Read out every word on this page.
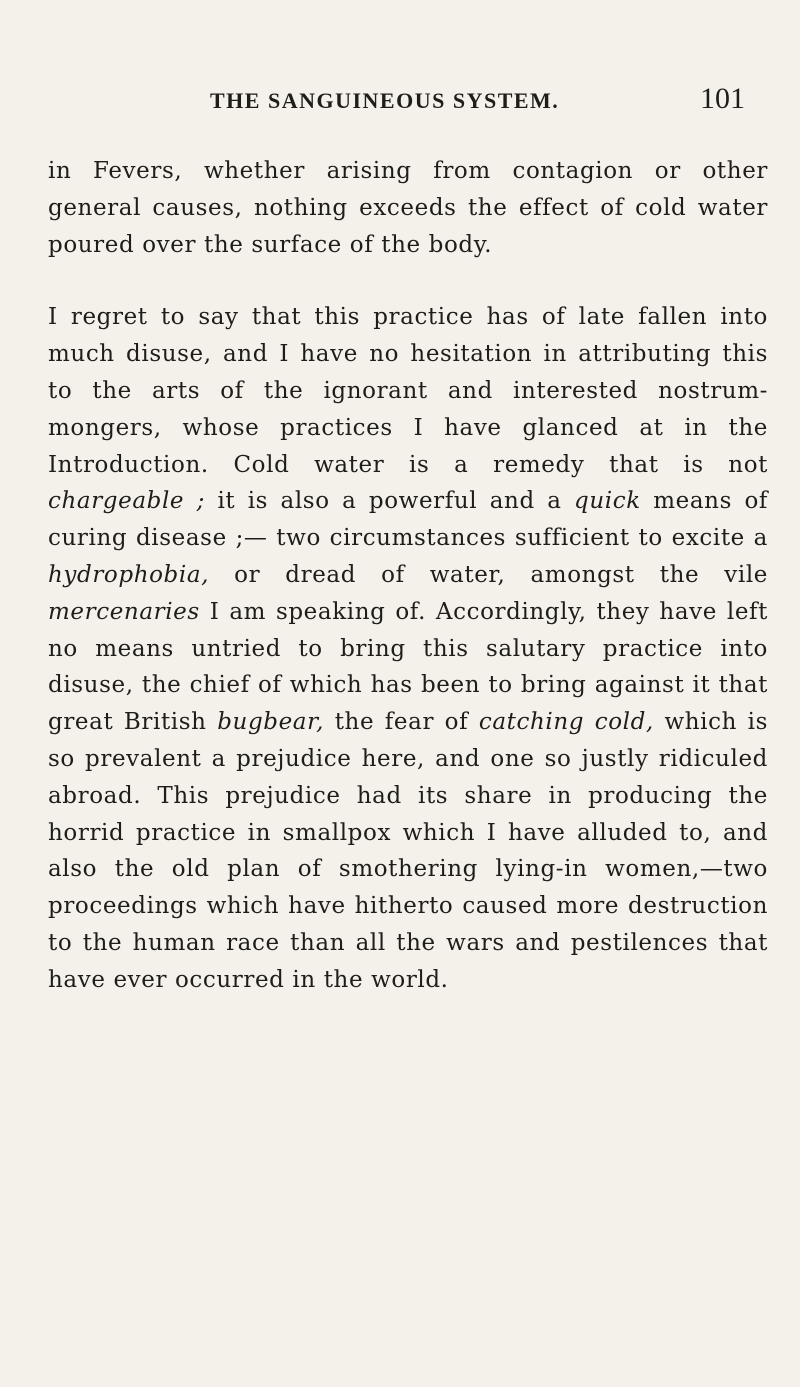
THE SANGUINEOUS SYSTEM.	101

in Fevers, whether arising from contagion or other general causes, nothing exceeds the effect of cold water poured over the surface of the body.

I regret to say that this practice has of late fallen into much disuse, and I have no hesitation in attributing this to the arts of the ignorant and interested nostrum-mongers, whose practices I have glanced at in the Introduction. Cold water is a remedy that is not chargeable ; it is also a powerful and a quick means of curing disease ;— two circumstances sufficient to excite a hydrophobia, or dread of water, amongst the vile mercenaries I am speaking of. Accordingly, they have left no means untried to bring this salutary practice into disuse, the chief of which has been to bring against it that great British bugbear, the fear of catching cold, which is so prevalent a prejudice here, and one so justly ridiculed abroad. This prejudice had its share in producing the horrid practice in smallpox which I have alluded to, and also the old plan of smothering lying-in women,—two proceedings which have hitherto caused more destruction to the human race than all the wars and pestilences that have ever occurred in the world.
